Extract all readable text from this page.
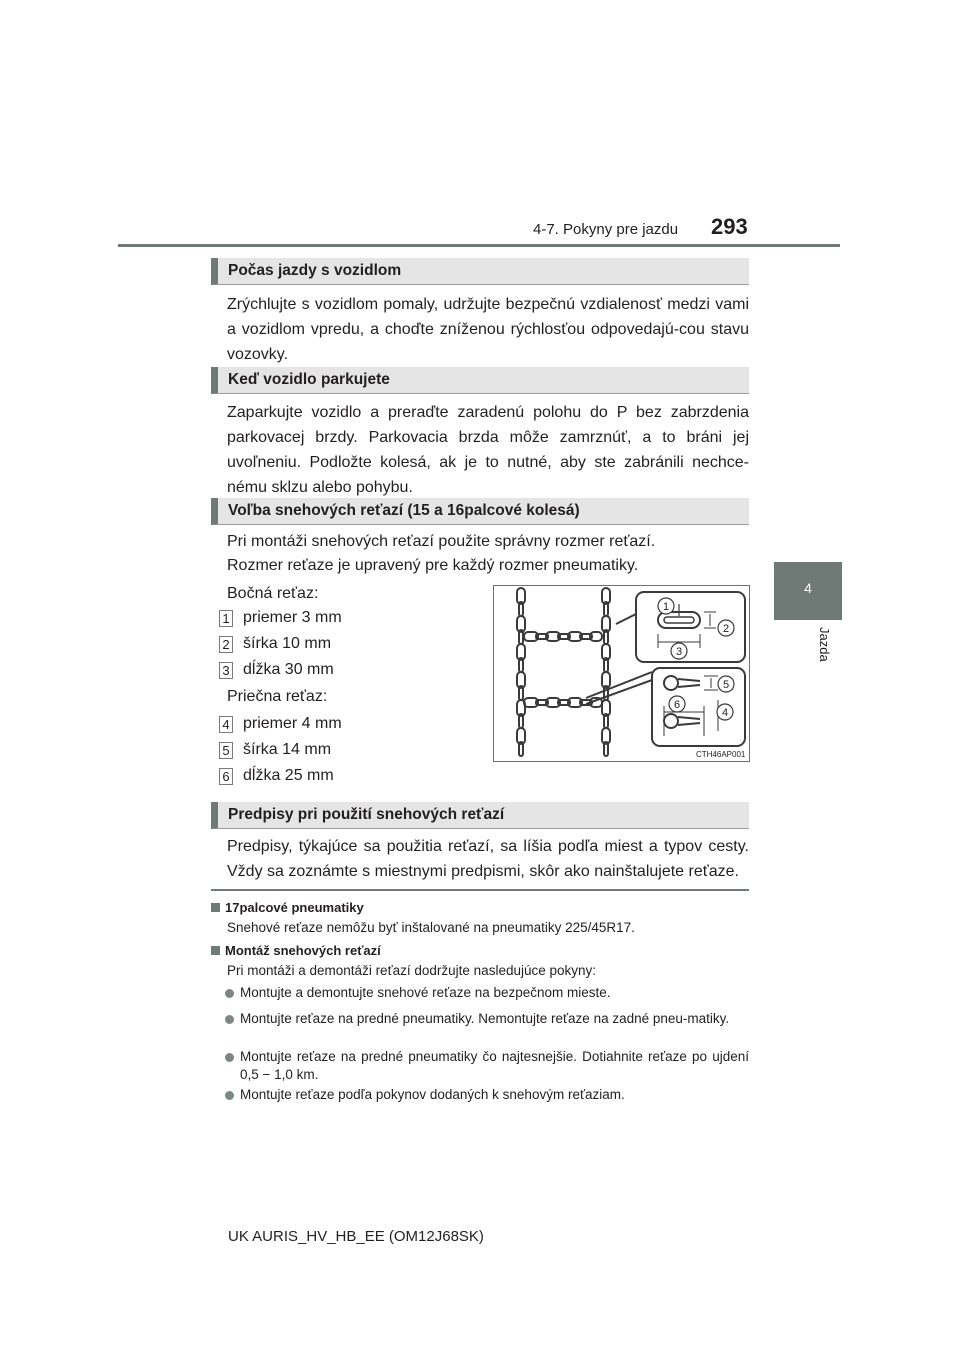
4-7. Pokyny pre jazdu 293
4
Jazda
Počas jazdy s vozidlom
Zrýchlujte s vozidlom pomaly, udržujte bezpečnú vzdialenosť medzi vami a vozidlom vpredu, a choďte zníženou rýchlosťou odpovedajú-cou stavu vozovky.
Keď vozidlo parkujete
Zaparkujte vozidlo a preraďte zaradenú polohu do P bez zabrzdenia parkovacej brzdy. Parkovacia brzda môže zamrznúť, a to bráni jej uvoľneniu. Podložte kolesá, ak je to nutné, aby ste zabránili nechce-nému sklzu alebo pohybu.
Voľba snehových reťazí (15 a 16palcové kolesá)
Pri montáži snehových reťazí použite správny rozmer reťazí.
Rozmer reťaze je upravený pre každý rozmer pneumatiky.
Bočná reťaz:
1 priemer 3 mm
2 šírka 10 mm
3 dĺžka 30 mm
Priečna reťaz:
4 priemer 4 mm
5 šírka 14 mm
6 dĺžka 25 mm
1
2
3
4
5
6
CTH46AP001
Predpisy pri použití snehových reťazí
Predpisy, týkajúce sa použitia reťazí, sa líšia podľa miest a typov cesty. Vždy sa zoznámte s miestnymi predpismi, skôr ako nainštalujete reťaze.
17palcové pneumatiky
Snehové reťaze nemôžu byť inštalované na pneumatiky 225/45R17.
Montáž snehových reťazí
Pri montáži a demontáži reťazí dodržujte nasledujúce pokyny:
Montujte a demontujte snehové reťaze na bezpečnom mieste.
Montujte reťaze na predné pneumatiky. Nemontujte reťaze na zadné pneu-matiky.
Montujte reťaze na predné pneumatiky čo najtesnejšie. Dotiahnite reťaze po ujdení 0,5 − 1,0 km.
Montujte reťaze podľa pokynov dodaných k snehovým reťaziam.
UK AURIS_HV_HB_EE (OM12J68SK)
